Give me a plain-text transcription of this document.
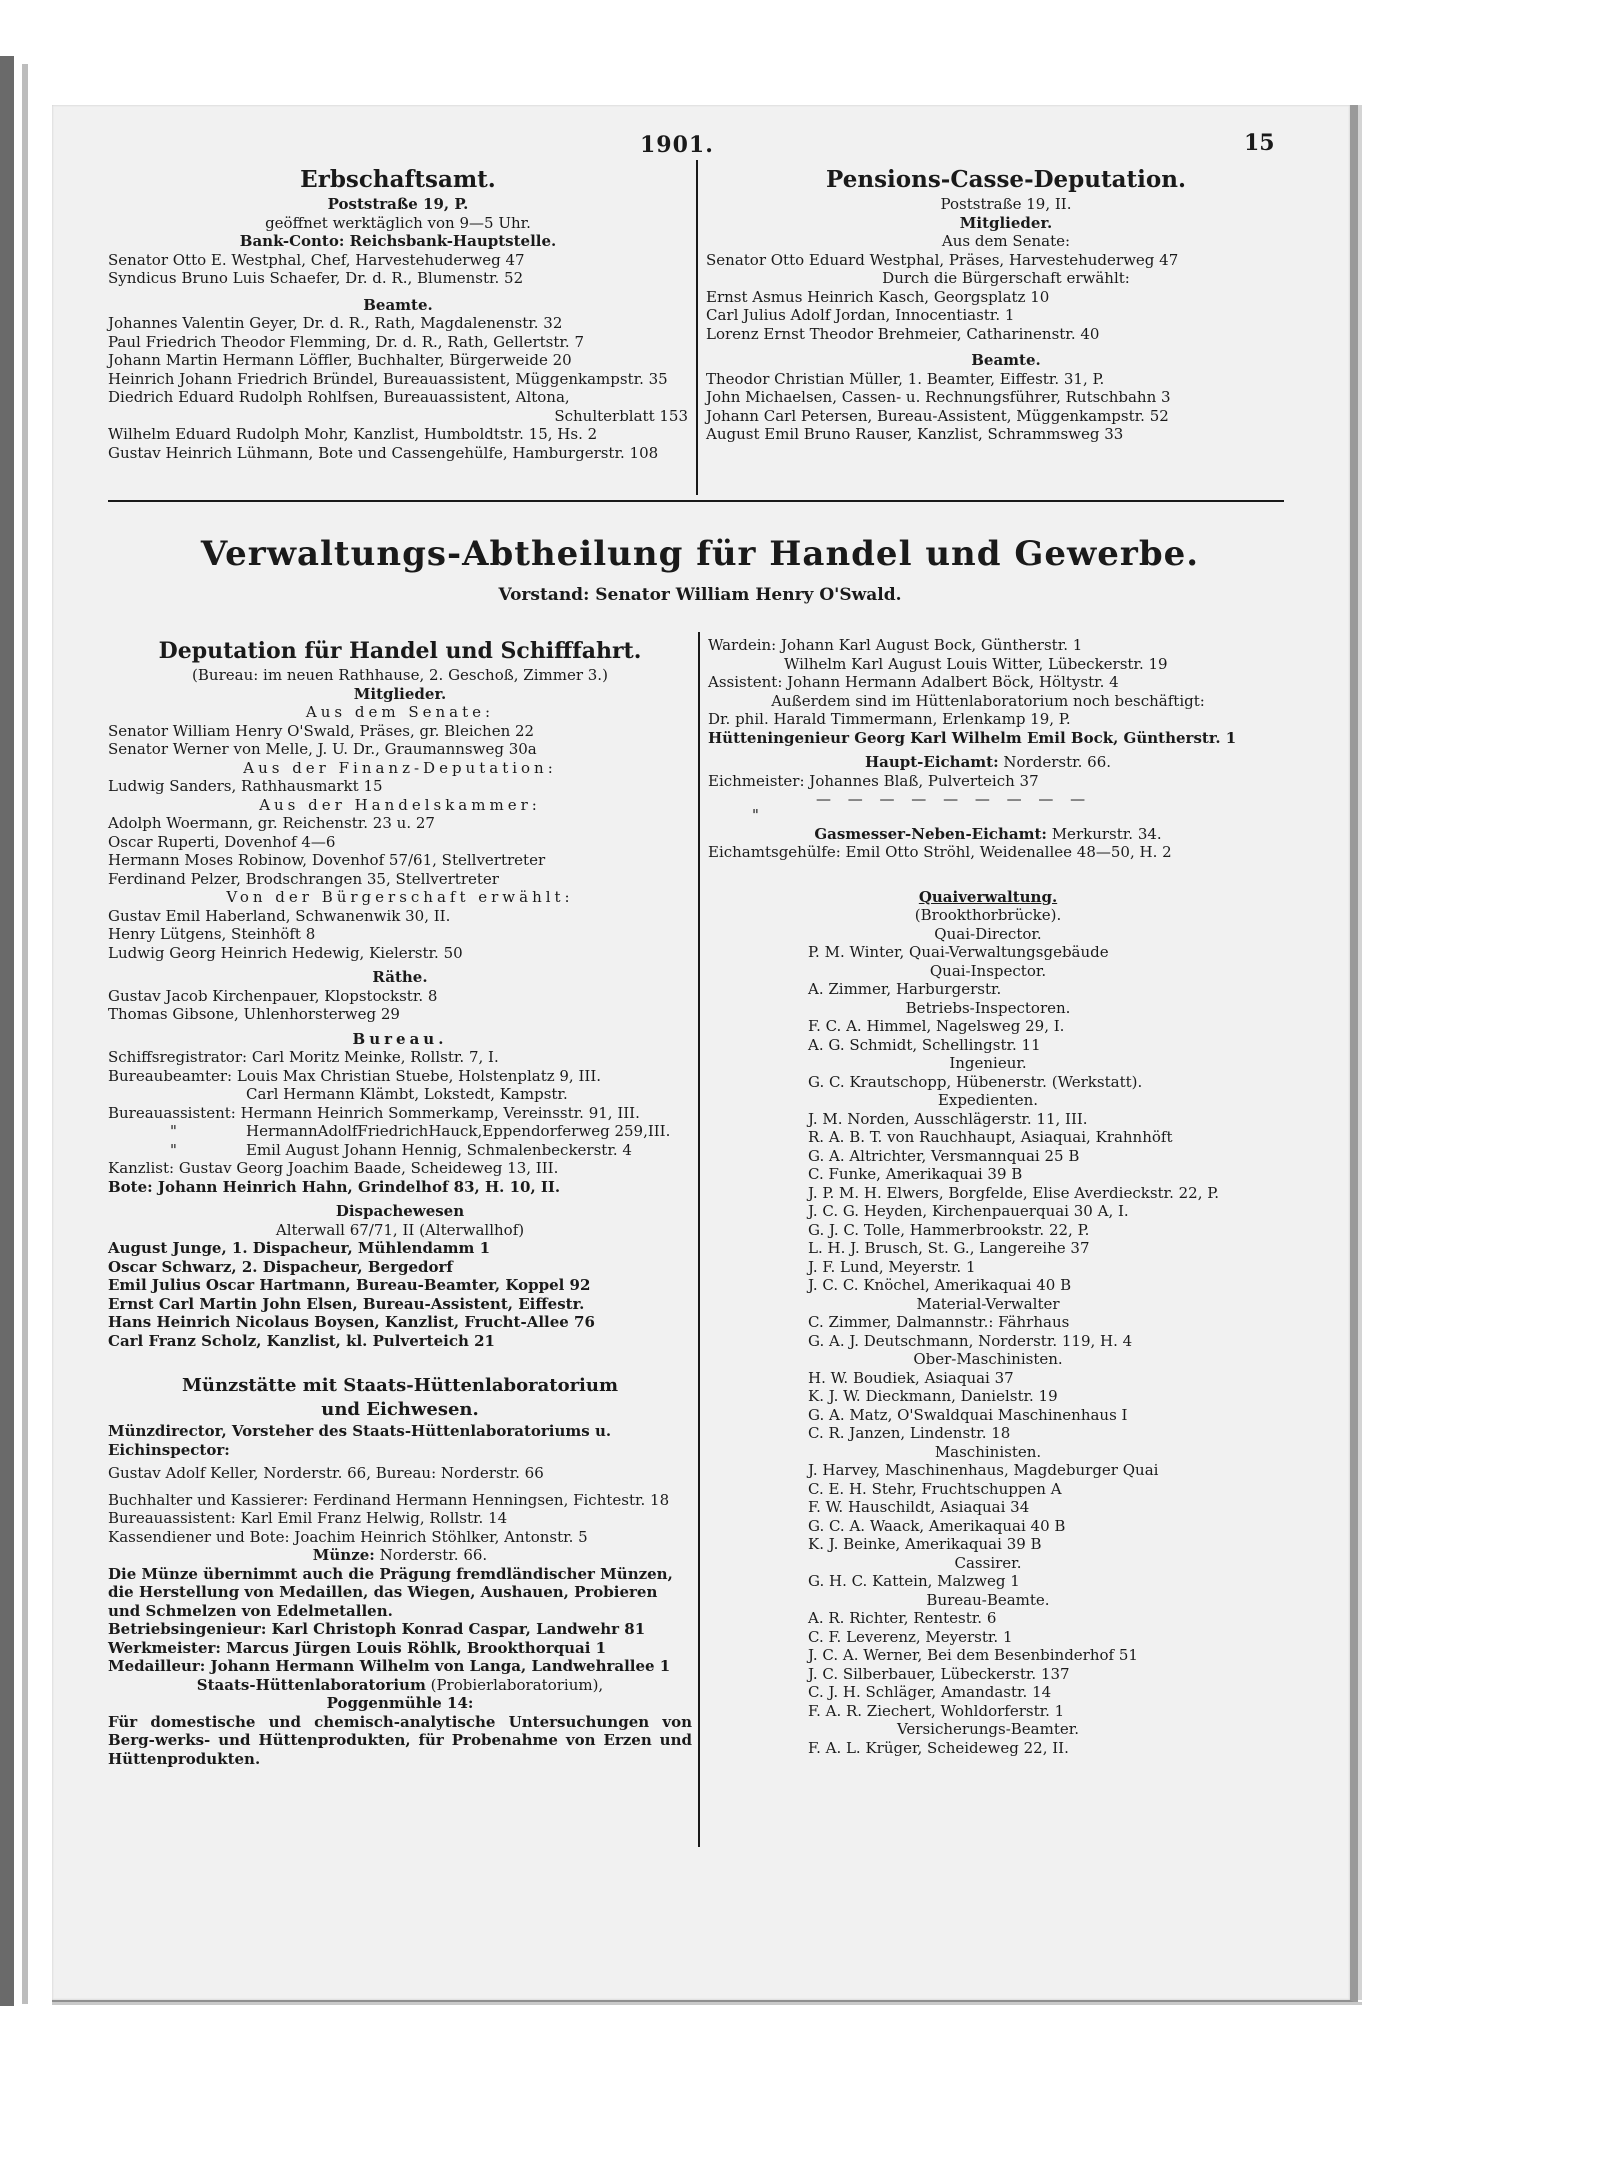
1901.	15
Erbschaftsamt.
Poststraße 19, P.
geöffnet werktäglich von 9—5 Uhr.
Bank-Conto: Reichsbank-Hauptstelle.
Senator Otto E. Westphal, Chef, Harvestehuderweg 47
Syndicus Bruno Luis Schaefer, Dr. d. R., Blumenstr. 52
Beamte.
Johannes Valentin Geyer, Dr. d. R., Rath, Magdalenenstr. 32
Paul Friedrich Theodor Flemming, Dr. d. R., Rath, Gellertstr. 7
Johann Martin Hermann Löffler, Buchhalter, Bürgerweide 20
Heinrich Johann Friedrich Bründel, Bureauassistent, Müggenkampstr. 35
Diedrich Eduard Rudolph Rohlfsen, Bureauassistent, Altona,
Schulterblatt 153
Wilhelm Eduard Rudolph Mohr, Kanzlist, Humboldtstr. 15, Hs. 2
Gustav Heinrich Lühmann, Bote und Cassengehülfe, Hamburgerstr. 108
Pensions-Casse-Deputation.
Poststraße 19, II.
Mitglieder.
Aus dem Senate:
Senator Otto Eduard Westphal, Präses, Harvestehuderweg 47
Durch die Bürgerschaft erwählt:
Ernst Asmus Heinrich Kasch, Georgsplatz 10
Carl Julius Adolf Jordan, Innocentiastr. 1
Lorenz Ernst Theodor Brehmeier, Catharinenstr. 40
Beamte.
Theodor Christian Müller, 1. Beamter, Eiffestr. 31, P.
John Michaelsen, Cassen- u. Rechnungsführer, Rutschbahn 3
Johann Carl Petersen, Bureau-Assistent, Müggenkampstr. 52
August Emil Bruno Rauser, Kanzlist, Schrammsweg 33
Verwaltungs-Abtheilung für Handel und Gewerbe.
Vorstand: Senator William Henry O'Swald.
Deputation für Handel und Schifffahrt.
(Bureau: im neuen Rathhause, 2. Geschoß, Zimmer 3.)
Mitglieder.
Aus dem Senate:
Senator William Henry O'Swald, Präses, gr. Bleichen 22
Senator Werner von Melle, J. U. Dr., Graumannsweg 30a
Aus der Finanz-Deputation:
Ludwig Sanders, Rathhausmarkt 15
Aus der Handelskammer:
Adolph Woermann, gr. Reichenstr. 23 u. 27
Oscar Ruperti, Dovenhof 4—6
Hermann Moses Robinow, Dovenhof 57/61, Stellvertreter
Ferdinand Pelzer, Brodschrangen 35, Stellvertreter
Von der Bürgerschaft erwählt:
Gustav Emil Haberland, Schwanenwik 30, II.
Henry Lütgens, Steinhöft 8
Ludwig Georg Heinrich Hedewig, Kielerstr. 50
Räthe.
Gustav Jacob Kirchenpauer, Klopstockstr. 8
Thomas Gibsone, Uhlenhorsterweg 29
Bureau.
Schiffsregistrator: Carl Moritz Meinke, Rollstr. 7, I.
Bureaubeamter: Louis Max Christian Stuebe, Holstenplatz 9, III.
Carl Hermann Klämbt, Lokstedt, Kampstr.
Bureauassistent: Hermann Heinrich Sommerkamp, Vereinsstr. 91, III.
"	HermannAdolfFriedrichHauck,Eppendorferweg 259,III.
"	Emil August Johann Hennig, Schmalenbeckerstr. 4
Kanzlist: Gustav Georg Joachim Baade, Scheideweg 13, III.
Bote: Johann Heinrich Hahn, Grindelhof 83, H. 10, II.
Dispachewesen
Alterwall 67/71, II (Alterwallhof)
August Junge, 1. Dispacheur, Mühlendamm 1
Oscar Schwarz, 2. Dispacheur, Bergedorf
Emil Julius Oscar Hartmann, Bureau-Beamter, Koppel 92
Ernst Carl Martin John Elsen, Bureau-Assistent, Eiffestr.
Hans Heinrich Nicolaus Boysen, Kanzlist, Frucht-Allee 76
Carl Franz Scholz, Kanzlist, kl. Pulverteich 21
Münzstätte mit Staats-Hüttenlaboratorium
und Eichwesen.
Münzdirector, Vorsteher des Staats-Hüttenlaboratoriums u. Eichinspector:
Gustav Adolf Keller, Norderstr. 66, Bureau: Norderstr. 66
Buchhalter und Kassierer: Ferdinand Hermann Henningsen, Fichtestr. 18
Bureauassistent: Karl Emil Franz Helwig, Rollstr. 14
Kassendiener und Bote: Joachim Heinrich Stöhlker, Antonstr. 5
Münze: Norderstr. 66.
Die Münze übernimmt auch die Prägung fremdländischer Münzen, die Herstellung von Medaillen, das Wiegen, Aushauen, Probieren und Schmelzen von Edelmetallen.
Betriebsingenieur: Karl Christoph Konrad Caspar, Landwehr 81
Werkmeister: Marcus Jürgen Louis Röhlk, Brookthorquai 1
Medailleur: Johann Hermann Wilhelm von Langa, Landwehrallee 1
Staats-Hüttenlaboratorium (Probierlaboratorium),
Poggenmühle 14:
Für domestische und chemisch-analytische Untersuchungen von Berg-werks- und Hüttenprodukten, für Probenahme von Erzen und Hüttenprodukten.
Wardein: Johann Karl August Bock, Güntherstr. 1
Wilhelm Karl August Louis Witter, Lübeckerstr. 19
Assistent: Johann Hermann Adalbert Böck, Höltystr. 4
Außerdem sind im Hüttenlaboratorium noch beschäftigt:
Dr. phil. Harald Timmermann, Erlenkamp 19, P.
Hütteningenieur Georg Karl Wilhelm Emil Bock, Güntherstr. 1
Haupt-Eichamt: Norderstr. 66.
Eichmeister: Johannes Blaß, Pulverteich 37
— — — — — — — — —
"
Gasmesser-Neben-Eichamt: Merkurstr. 34.
Eichamtsgehülfe: Emil Otto Ströhl, Weidenallee 48—50, H. 2
Quaiverwaltung.
(Brookthorbrücke).
Quai-Director.
P. M. Winter, Quai-Verwaltungsgebäude
Quai-Inspector.
A. Zimmer, Harburgerstr.
Betriebs-Inspectoren.
F. C. A. Himmel, Nagelsweg 29, I.
A. G. Schmidt, Schellingstr. 11
Ingenieur.
G. C. Krautschopp, Hübenerstr. (Werkstatt).
Expedienten.
J. M. Norden, Ausschlägerstr. 11, III.
R. A. B. T. von Rauchhaupt, Asiaquai, Krahnhöft
G. A. Altrichter, Versmannquai 25 B
C. Funke, Amerikaquai 39 B
J. P. M. H. Elwers, Borgfelde, Elise Averdieckstr. 22, P.
J. C. G. Heyden, Kirchenpauerquai 30 A, I.
G. J. C. Tolle, Hammerbrookstr. 22, P.
L. H. J. Brusch, St. G., Langereihe 37
J. F. Lund, Meyerstr. 1
J. C. C. Knöchel, Amerikaquai 40 B
Material-Verwalter
C. Zimmer, Dalmannstr.: Fährhaus
G. A. J. Deutschmann, Norderstr. 119, H. 4
Ober-Maschinisten.
H. W. Boudiek, Asiaquai 37
K. J. W. Dieckmann, Danielstr. 19
G. A. Matz, O'Swaldquai Maschinenhaus I
C. R. Janzen, Lindenstr. 18
Maschinisten.
J. Harvey, Maschinenhaus, Magdeburger Quai
C. E. H. Stehr, Fruchtschuppen A
F. W. Hauschildt, Asiaquai 34
G. C. A. Waack, Amerikaquai 40 B
K. J. Beinke, Amerikaquai 39 B
Cassirer.
G. H. C. Kattein, Malzweg 1
Bureau-Beamte.
A. R. Richter, Rentestr. 6
C. F. Leverenz, Meyerstr. 1
J. C. A. Werner, Bei dem Besenbinderhof 51
J. C. Silberbauer, Lübeckerstr. 137
C. J. H. Schläger, Amandastr. 14
F. A. R. Ziechert, Wohldorferstr. 1
Versicherungs-Beamter.
F. A. L. Krüger, Scheideweg 22, II.
